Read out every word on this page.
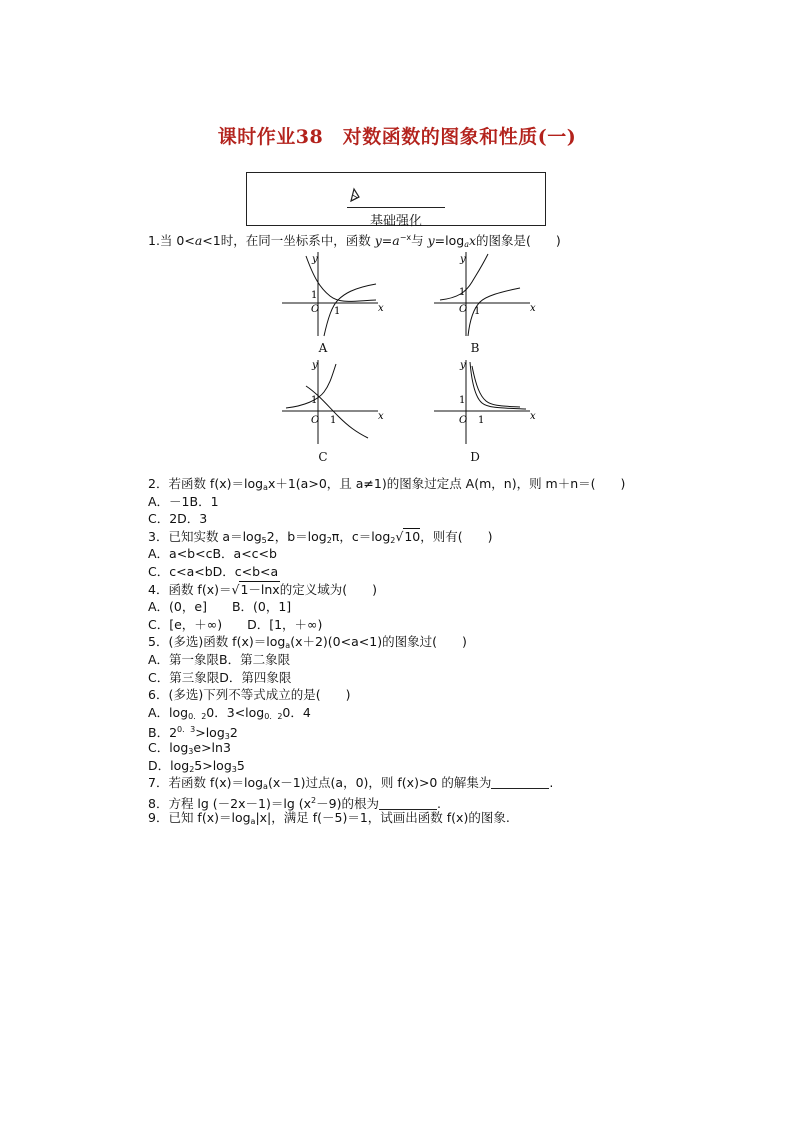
课时作业38　对数函数的图象和性质(一)
基础强化
1.当 0<a<1时，在同一坐标系中，函数 $y=a^{-x}$与 $y=\log_ax$的图象是(　　)
y
x
O
1
1
A
y
x
O
1
1
B
y
x
O
1
1
C
y
x
O
1
1
D
2．若函数 $f(x)=\log_ax+1(a>0$，且 a≠1)的图象过定点 A(m，n)，则 m＋n＝(　　)
A．－1B．1
C．2D．3
3．已知实数 $a=\log_52$，$b=\log_2\pi$，$c=\log_2√10$，则有(　　)
A．a<b<cB．a<c<b
C．c<a<bD．c<b<a
4．函数 f(x)＝√1－lnx的定义域为(　　)
A．(0，e]　　B．(0，1]
C．[e，＋∞)　　D．[1，＋∞)
5．(多选)函数 $f(x)=\log_a(x+2)(0<a<1)$的图象过(　　)
A．第一象限B．第二象限
C．第三象限D．第四象限
6．(多选)下列不等式成立的是(　　)
A．$\log_{0.2}0$．$3<\log_{0.2}0$．4
B．$2^{0.3}>\log_32$
C．$\log_3e>\ln 3$
D．$\log_25>\log_35$
7．若函数 $f(x)=\log_a(x-1)$过点(a，0)，则 f(x)>0 的解集为	.
8．方程 lg (－2x－1)＝lg $(x^2-9)$的根为	.
9．已知 $f(x)=\log_a|x|$，满足 f(－5)＝1，试画出函数 f(x)的图象.
